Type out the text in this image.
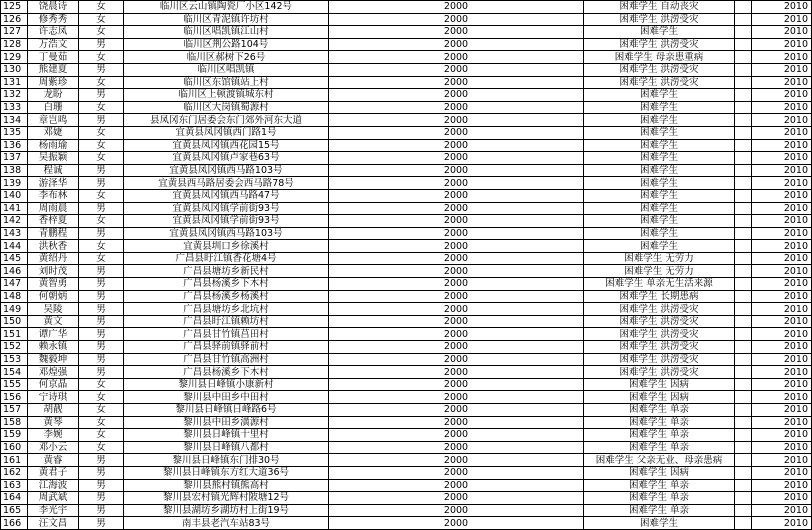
125	饶晨诗	女	临川区云山镇陶瓷厂小区142号	2000	困难学生 自动丧灾		2010
126	修秀秀	女	临川区青泥镇许坊村	2000	困难学生 洪涝受灾		2010
127	许志凤	女	临川区唱凯镇江山村	2000	困难学生		2010
128	万浩文	男	临川区荆公路104号	2000	困难学生 洪涝受灾		2010
129	丁曼茹	女	临川区郝树下26号	2000	困难学生 母亲患重病		2010
130	熊建夏	男	临川区唱凯镇	2000	困难学生 洪涝受灾		2010
131	周紫珍	女	临川区东馆镇站上村	2000	困难学生 洪涝受灾		2010
132	龙盼	男	临川区上顿渡镇城东村	2000	困难学生		2010
133	白珊	女	临川区大岗镇蜀源村	2000	困难学生		2010
134	章岂鸣	男	县凤冈东门居委会东门郊外河东大道	2000	困难学生		2010
135	邓婕	女	宜黄县凤冈镇西门路1号	2000	困难学生		2010
136	杨雨瑜	女	宜黄县凤冈镇西花园15号	2000	困难学生		2010
137	吴振颖	女	宜黄县凤冈镇卢家巷63号	2000	困难学生		2010
138	程诚	男	宜黄县凤冈镇西马路103号	2000	困难学生		2010
139	游泽华	男	宜黄县西马路居委会西马路78号	2000	困难学生		2010
140	李布林	女	宜黄县凤冈镇西马路47号	2000	困难学生		2010
141	周雨晨	男	宜黄县凤冈镇学前街93号	2000	困难学生		2010
142	香梓夏	女	宜黄县凤冈镇学前街93号	2000	困难学生		2010
143	青鹏程	男	宜黄县凤冈镇西马路103号	2000	困难学生		2010
144	洪秋香	女	宜黄县圳口乡徐溪村	2000	困难学生		2010
145	黄绍丹	女	广昌县盱江镇香花塘4号	2000	困难学生 无劳力		2010
146	刘时茂	男	广昌县塘坊乡新民村	2000	困难学生 无劳力		2010
147	黄智勇	男	广昌县杨溪乡下木村	2000	困难学生 单亲无生活来源		2010
148	何朝炳	男	广昌县杨溪乡杨溪村	2000	困难学生 长期患病		2010
149	吴陵	男	广昌县塘坊乡北坑村	2000	困难学生 洪涝受灾		2010
150	黄文	男	广昌县盱江镇赖坊村	2000	困难学生 洪涝受灾		2010
151	谭广华	男	广昌县甘竹镇莒田村	2000	困难学生 洪涝受灾		2010
152	赖永镇	男	广昌县驿前镇驿前村	2000	困难学生 洪涝受灾		2010
153	魏毅坤	男	广昌县甘竹镇高洲村	2000	困难学生 洪涝受灾		2010
154	邓煌强	男	广昌县杨溪乡下木村	2000	困难学生 洪涝受灾		2010
155	何京晶	女	黎川县日峰镇小康新村	2000	困难学生 因病		2010
156	宁诗琪	女	黎川县中田乡中田村	2000	困难学生 因病		2010
157	胡靓	女	黎川县日峰镇日峰路6号	2000	困难学生 单亲		2010
158	黄琴	女	黎川县中田乡潢源村	2000	困难学生 单亲		2010
159	李婉	女	黎川县日峰镇十里村	2000	困难学生 单亲		2010
160	邓小云	女	黎川县日峰镇八都村	2000	困难学生 单亲		2010
161	黄睿	男	黎川县日峰镇东门排30号	2000	困难学生 父亲无业、母亲患病		2010
162	黄君子	男	黎川县日峰镇东方红大道36号	2000	困难学生 因病		2010
163	江海波	男	黎川县熊村镇熊高村	2000	困难学生 单亲		2010
164	周武斌	男	黎川县宏村镇光辉村陂塘12号	2000	困难学生 单亲		2010
165	李光宇	男	黎川县湖坊乡湖坊村上街19号	2000	困难学生 单亲		2010
166	汪文昌	男	南丰县老汽车站83号	2000	困难学生		2010
